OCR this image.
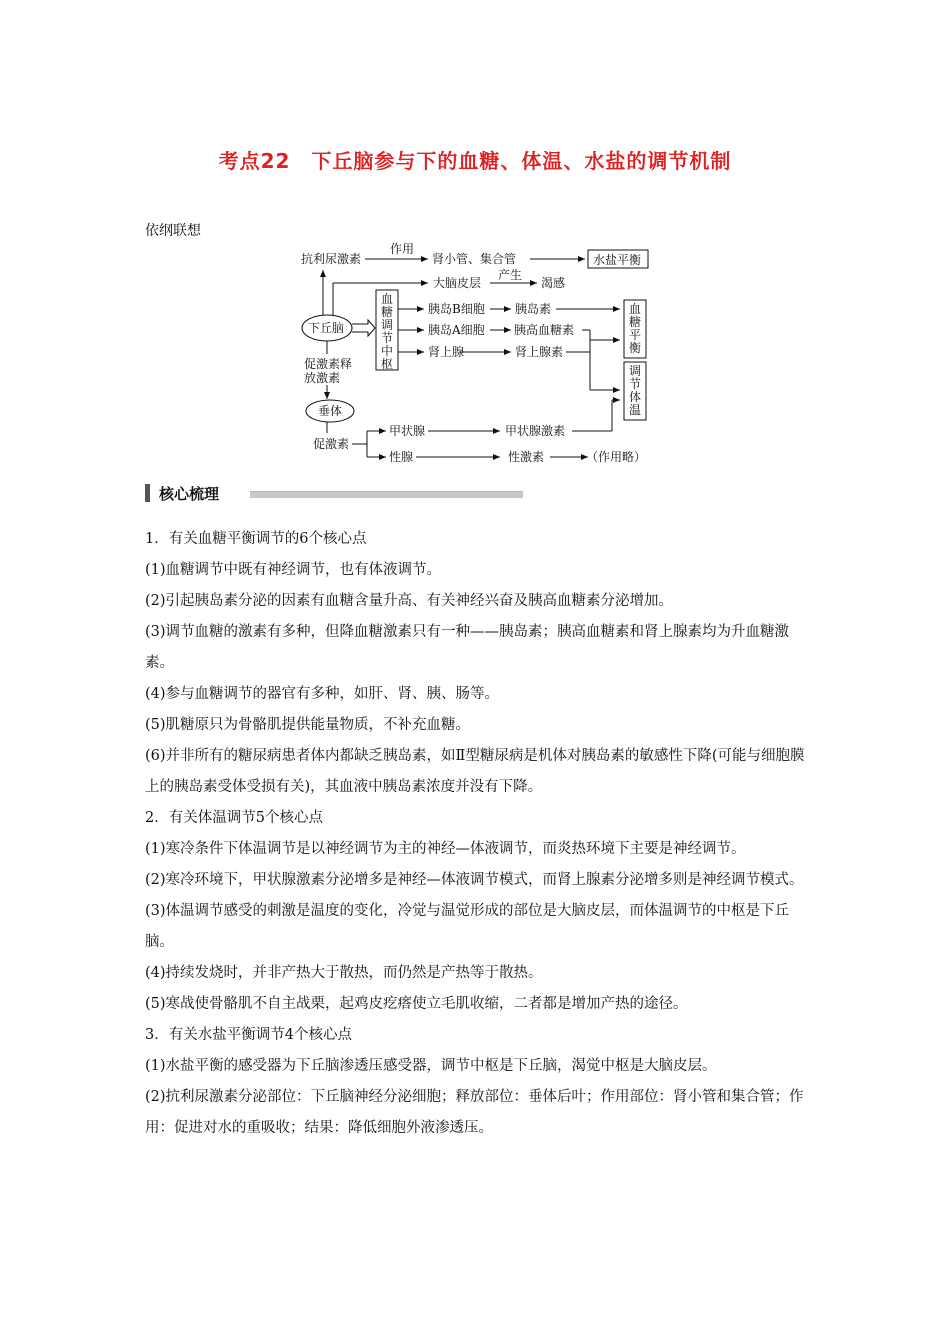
考点22　下丘脑参与下的血糖、体温、水盐的调节机制
依纲联想
抗利尿激素
作用
肾小管、集合管	水盐平衡
大脑皮层
产生
渴感
下丘脑
血
糖
调
节
中
枢
胰岛B细胞	胰岛素
胰岛A细胞 胰高血糖素
肾上腺	肾上腺素
血
糖
平
衡
调
节
体
温
促激素释
放激素
垂体
促激素
甲状腺	甲状腺激素
性腺	性激素	（作用略）
核心梳理

1．有关血糖平衡调节的6个核心点

(1)血糖调节中既有神经调节，也有体液调节。

(2)引起胰岛素分泌的因素有血糖含量升高、有关神经兴奋及胰高血糖素分泌增加。

(3)调节血糖的激素有多种，但降血糖激素只有一种——胰岛素；胰高血糖素和肾上腺素均为升血糖激素。

(4)参与血糖调节的器官有多种，如肝、肾、胰、肠等。

(5)肌糖原只为骨骼肌提供能量物质，不补充血糖。

(6)并非所有的糖尿病患者体内都缺乏胰岛素，如Ⅱ型糖尿病是机体对胰岛素的敏感性下降(可能与细胞膜上的胰岛素受体受损有关)，其血液中胰岛素浓度并没有下降。

2．有关体温调节5个核心点

(1)寒冷条件下体温调节是以神经调节为主的神经—体液调节，而炎热环境下主要是神经调节。

(2)寒冷环境下，甲状腺激素分泌增多是神经—体液调节模式，而肾上腺素分泌增多则是神经调节模式。

(3)体温调节感受的刺激是温度的变化，冷觉与温觉形成的部位是大脑皮层，而体温调节的中枢是下丘脑。

(4)持续发烧时，并非产热大于散热，而仍然是产热等于散热。

(5)寒战使骨骼肌不自主战栗，起鸡皮疙瘩使立毛肌收缩，二者都是增加产热的途径。

3．有关水盐平衡调节4个核心点

(1)水盐平衡的感受器为下丘脑渗透压感受器，调节中枢是下丘脑，渴觉中枢是大脑皮层。

(2)抗利尿激素分泌部位：下丘脑神经分泌细胞；释放部位：垂体后叶；作用部位：肾小管和集合管；作用：促进对水的重吸收；结果：降低细胞外液渗透压。
